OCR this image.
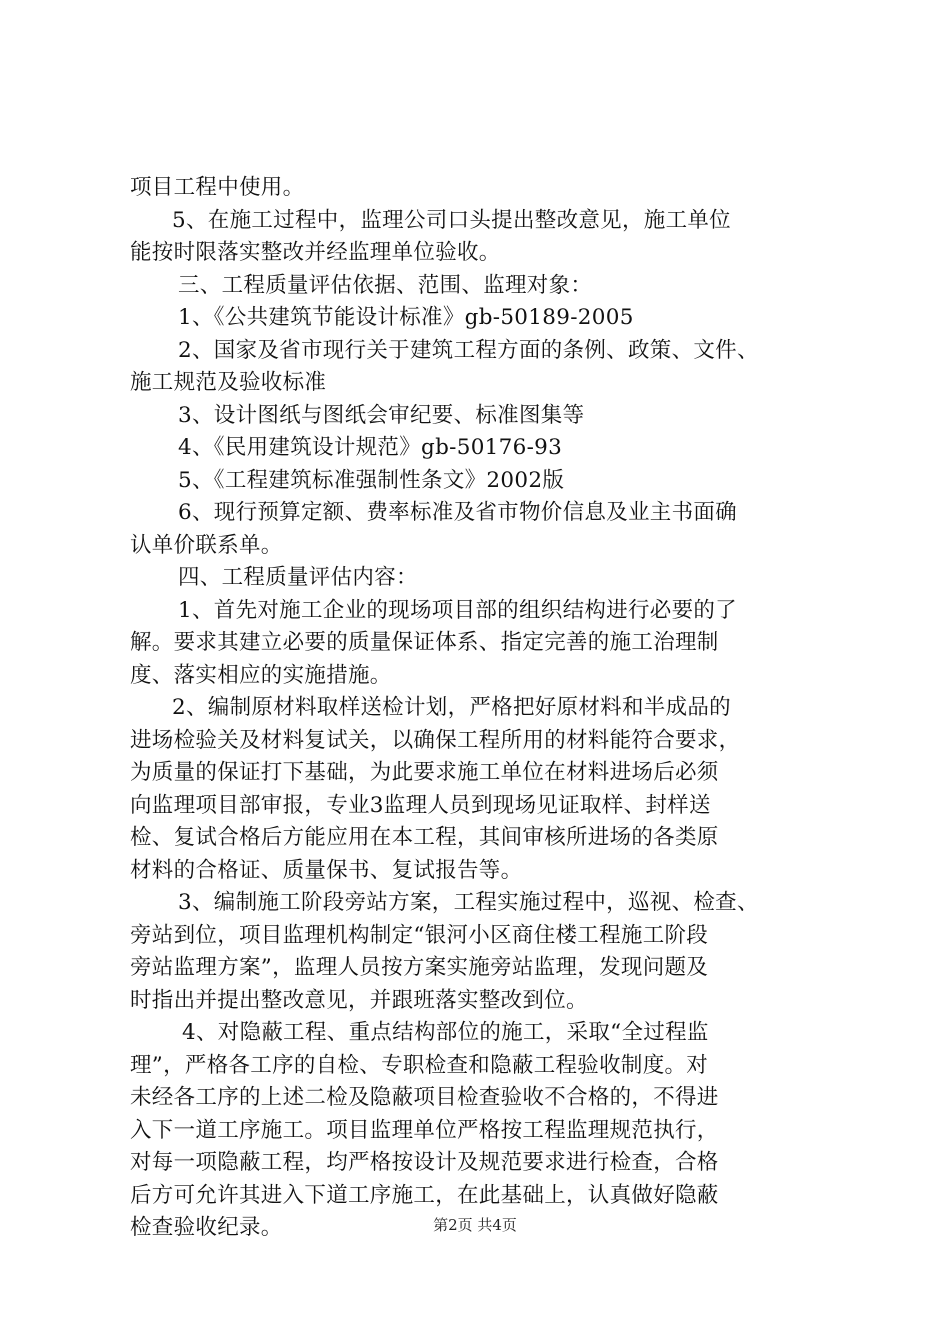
项目工程中使用。
5、在施工过程中，监理公司口头提出整改意见，施工单位
能按时限落实整改并经监理单位验收。
三、工程质量评估依据、范围、监理对象：
1、《公共建筑节能设计标准》gb-50189-2005
2、国家及省市现行关于建筑工程方面的条例、政策、文件、
施工规范及验收标准
3、设计图纸与图纸会审纪要、标准图集等
4、《民用建筑设计规范》gb-50176-93
5、《工程建筑标准强制性条文》2002版
6、现行预算定额、费率标准及省市物价信息及业主书面确
认单价联系单。
四、工程质量评估内容：
1、首先对施工企业的现场项目部的组织结构进行必要的了
解。要求其建立必要的质量保证体系、指定完善的施工治理制
度、落实相应的实施措施。
2、编制原材料取样送检计划，严格把好原材料和半成品的
进场检验关及材料复试关，以确保工程所用的材料能符合要求，
为质量的保证打下基础，为此要求施工单位在材料进场后必须
向监理项目部审报，专业3监理人员到现场见证取样、封样送
检、复试合格后方能应用在本工程，其间审核所进场的各类原
材料的合格证、质量保书、复试报告等。
3、编制施工阶段旁站方案，工程实施过程中，巡视、检查、
旁站到位，项目监理机构制定“银河小区商住楼工程施工阶段
旁站监理方案”，监理人员按方案实施旁站监理，发现问题及
时指出并提出整改意见，并跟班落实整改到位。
4、对隐蔽工程、重点结构部位的施工，采取“全过程监
理”，严格各工序的自检、专职检查和隐蔽工程验收制度。对
未经各工序的上述二检及隐蔽项目检查验收不合格的，不得进
入下一道工序施工。项目监理单位严格按工程监理规范执行，
对每一项隐蔽工程，均严格按设计及规范要求进行检查，合格
后方可允许其进入下道工序施工，在此基础上，认真做好隐蔽
检查验收纪录。	第2页 共4页
